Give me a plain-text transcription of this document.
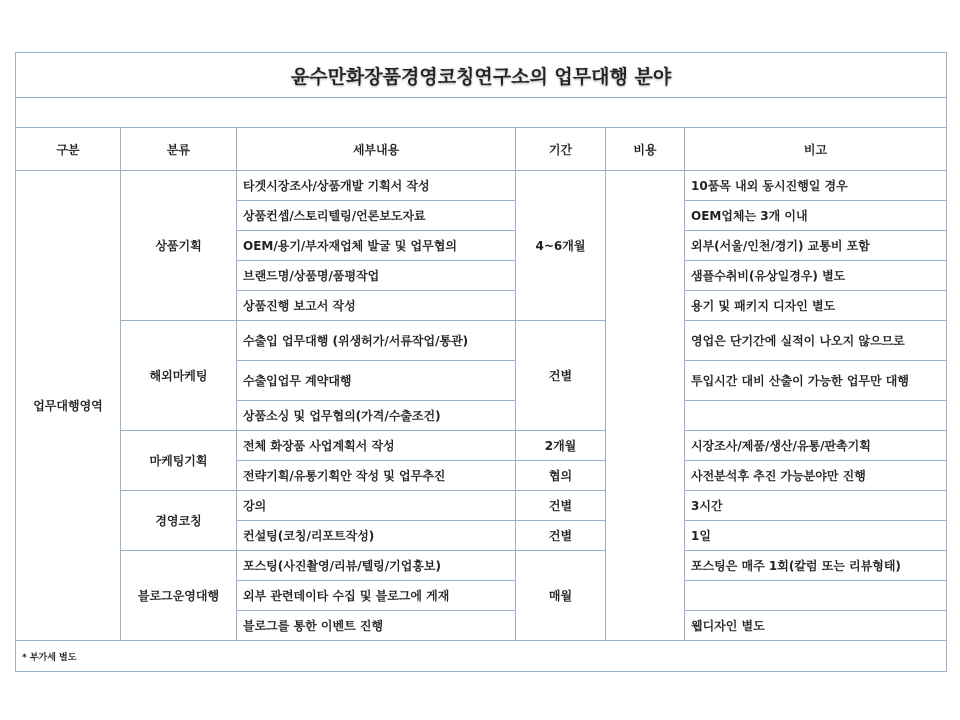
윤수만화장품경영코칭연구소의 업무대행 분야					

구분	분류	세부내용	기간	비용	비고
업무대행영역	상품기획	타겟시장조사/상품개발 기획서 작성	4~6개월		10품목 내외 동시진행일 경우
		상품컨셉/스토리텔링/언론보도자료			OEM업체는 3개 이내
		OEM/용기/부자재업체 발굴 및 업무협의			외부(서울/인천/경기) 교통비 포함
		브랜드명/상품명/품평작업			샘플수취비(유상일경우) 별도
		상품진행 보고서 작성			용기 및 패키지 디자인 별도
	해외마케팅	수출입 업무대행 (위생허가/서류작업/통관)	건별		영업은 단기간에 실적이 나오지 않으므로
		수출입업무 계약대행			투입시간 대비 산출이 가능한 업무만 대행
		상품소싱 및 업무협의(가격/수출조건)			
	마케팅기획	전체 화장품 사업계획서 작성	2개월		시장조사/제품/생산/유통/판촉기획
		전략기획/유통기획안 작성 및 업무추진	협의		사전분석후 추진 가능분야만 진행
	경영코칭	강의	건별		3시간
		컨설팅(코칭/리포트작성)	건별		1일
	블로그운영대행	포스팅(사진촬영/리뷰/텔링/기업홍보)	매월		포스팅은 매주 1회(칼럼 또는 리뷰형태)
		외부 관련데이타 수집 및 블로그에 게재			
		블로그를 통한 이벤트 진행			웹디자인 별도
* 부가세 별도					
